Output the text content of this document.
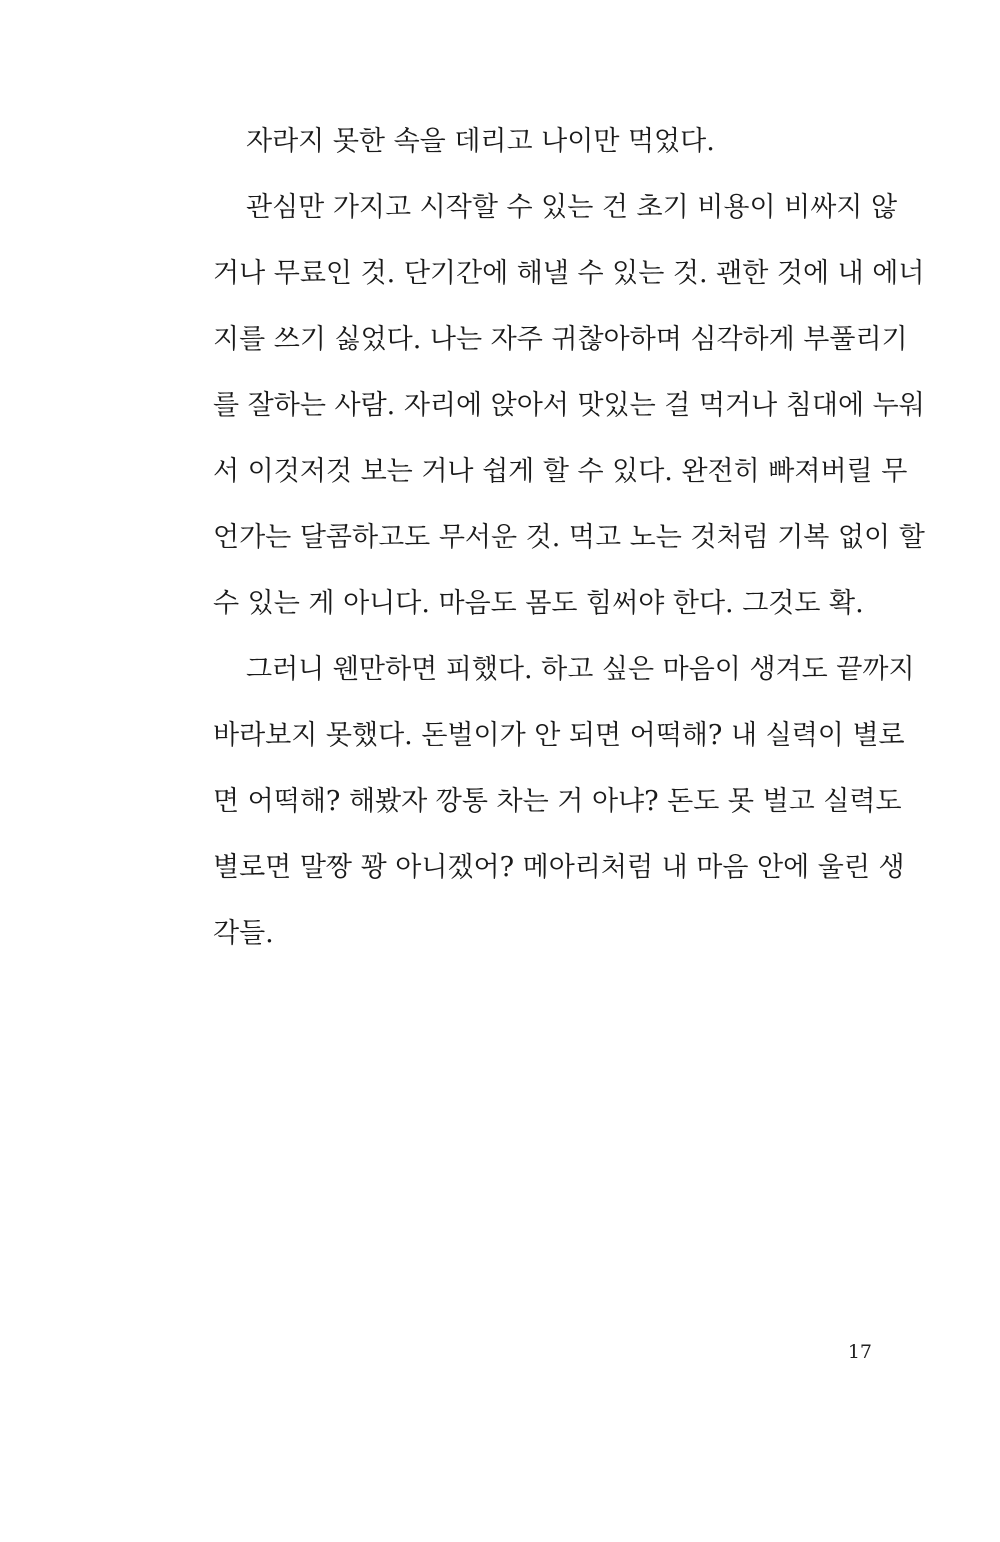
자라지 못한 속을 데리고 나이만 먹었다.
관심만 가지고 시작할 수 있는 건 초기 비용이 비싸지 않
거나 무료인 것. 단기간에 해낼 수 있는 것. 괜한 것에 내 에너
지를 쓰기 싫었다. 나는 자주 귀찮아하며 심각하게 부풀리기
를 잘하는 사람. 자리에 앉아서 맛있는 걸 먹거나 침대에 누워
서 이것저것 보는 거나 쉽게 할 수 있다. 완전히 빠져버릴 무
언가는 달콤하고도 무서운 것. 먹고 노는 것처럼 기복 없이 할
수 있는 게 아니다. 마음도 몸도 힘써야 한다. 그것도 확.
그러니 웬만하면 피했다. 하고 싶은 마음이 생겨도 끝까지
바라보지 못했다. 돈벌이가 안 되면 어떡해? 내 실력이 별로
면 어떡해? 해봤자 깡통 차는 거 아냐? 돈도 못 벌고 실력도
별로면 말짱 꽝 아니겠어? 메아리처럼 내 마음 안에 울린 생
각들.
17
